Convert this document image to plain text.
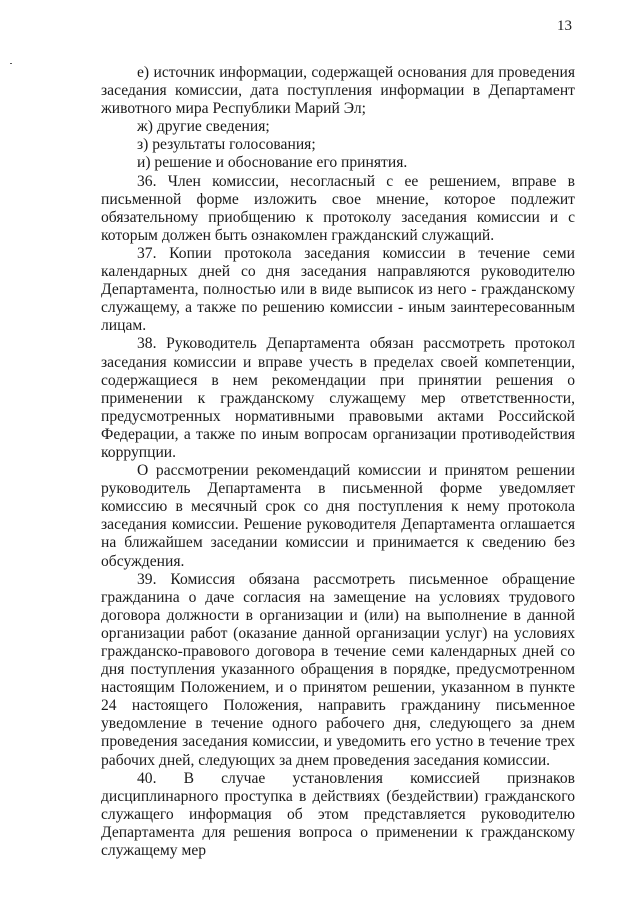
13

е) источник информации, содержащей основания для проведения заседания комиссии, дата поступления информации в Департамент животного мира Республики Марий Эл;

ж) другие сведения;

з) результаты голосования;

и) решение и обоснование его принятия.

36. Член комиссии, несогласный с ее решением, вправе в письменной форме изложить свое мнение, которое подлежит обязательному приобщению к протоколу заседания комиссии и с которым должен быть ознакомлен гражданский служащий.

37. Копии протокола заседания комиссии в течение семи календарных дней со дня заседания направляются руководителю Департамента, полностью или в виде выписок из него - гражданскому служащему, а также по решению комиссии - иным заинтересованным лицам.

38. Руководитель Департамента обязан рассмотреть протокол заседания комиссии и вправе учесть в пределах своей компетенции, содержащиеся в нем рекомендации при принятии решения о применении к гражданскому служащему мер ответственности, предусмотренных нормативными правовыми актами Российской Федерации, а также по иным вопросам организации противодействия коррупции.

О рассмотрении рекомендаций комиссии и принятом решении руководитель Департамента в письменной форме уведомляет комиссию в месячный срок со дня поступления к нему протокола заседания комиссии. Решение руководителя Департамента оглашается на ближайшем заседании комиссии и принимается к сведению без обсуждения.

39. Комиссия обязана рассмотреть письменное обращение гражданина о даче согласия на замещение на условиях трудового договора должности в организации и (или) на выполнение в данной организации работ (оказание данной организации услуг) на условиях гражданско-правового договора в течение семи календарных дней со дня поступления указанного обращения в порядке, предусмотренном настоящим Положением, и о принятом решении, указанном в пункте 24 настоящего Положения, направить гражданину письменное уведомление в течение одного рабочего дня, следующего за днем проведения заседания комиссии, и уведомить его устно в течение трех рабочих дней, следующих за днем проведения заседания комиссии.

40. В случае установления комиссией признаков дисциплинарного проступка в действиях (бездействии) гражданского служащего информация об этом представляется руководителю Департамента для решения вопроса о применении к гражданскому служащему мер
